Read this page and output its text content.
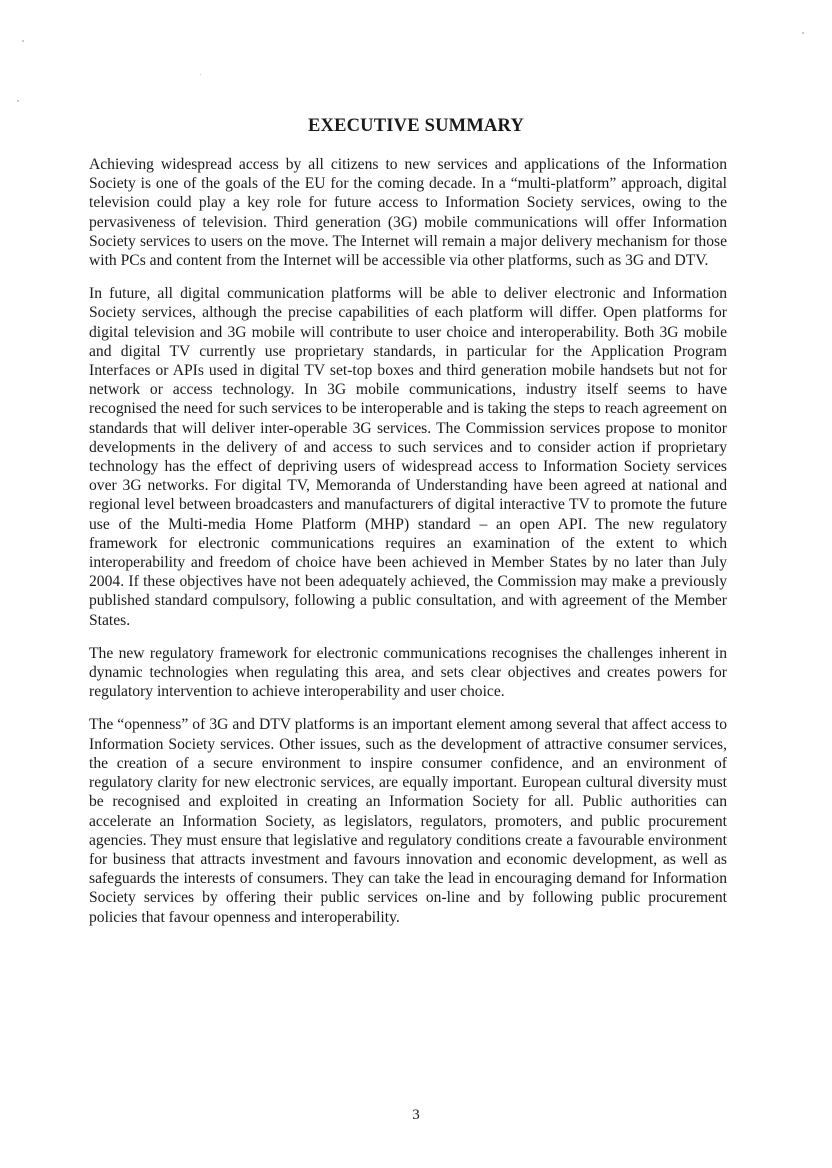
EXECUTIVE SUMMARY

Achieving widespread access by all citizens to new services and applications of the Information Society is one of the goals of the EU for the coming decade. In a “multi-platform” approach, digital television could play a key role for future access to Information Society services, owing to the pervasiveness of television. Third generation (3G) mobile communications will offer Information Society services to users on the move. The Internet will remain a major delivery mechanism for those with PCs and content from the Internet will be accessible via other platforms, such as 3G and DTV.

In future, all digital communication platforms will be able to deliver electronic and Information Society services, although the precise capabilities of each platform will differ. Open platforms for digital television and 3G mobile will contribute to user choice and interoperability. Both 3G mobile and digital TV currently use proprietary standards, in particular for the Application Program Interfaces or APIs used in digital TV set-top boxes and third generation mobile handsets but not for network or access technology. In 3G mobile communications, industry itself seems to have recognised the need for such services to be interoperable and is taking the steps to reach agreement on standards that will deliver inter-operable 3G services. The Commission services propose to monitor developments in the delivery of and access to such services and to consider action if proprietary technology has the effect of depriving users of widespread access to Information Society services over 3G networks. For digital TV, Memoranda of Understanding have been agreed at national and regional level between broadcasters and manufacturers of digital interactive TV to promote the future use of the Multi-media Home Platform (MHP) standard – an open API. The new regulatory framework for electronic communications requires an examination of the extent to which interoperability and freedom of choice have been achieved in Member States by no later than July 2004. If these objectives have not been adequately achieved, the Commission may make a previously published standard compulsory, following a public consultation, and with agreement of the Member States.

The new regulatory framework for electronic communications recognises the challenges inherent in dynamic technologies when regulating this area, and sets clear objectives and creates powers for regulatory intervention to achieve interoperability and user choice.

The “openness” of 3G and DTV platforms is an important element among several that affect access to Information Society services. Other issues, such as the development of attractive consumer services, the creation of a secure environment to inspire consumer confidence, and an environment of regulatory clarity for new electronic services, are equally important. European cultural diversity must be recognised and exploited in creating an Information Society for all. Public authorities can accelerate an Information Society, as legislators, regulators, promoters, and public procurement agencies. They must ensure that legislative and regulatory conditions create a favourable environment for business that attracts investment and favours innovation and economic development, as well as safeguards the interests of consumers. They can take the lead in encouraging demand for Information Society services by offering their public services on-line and by following public procurement policies that favour openness and interoperability.

3
